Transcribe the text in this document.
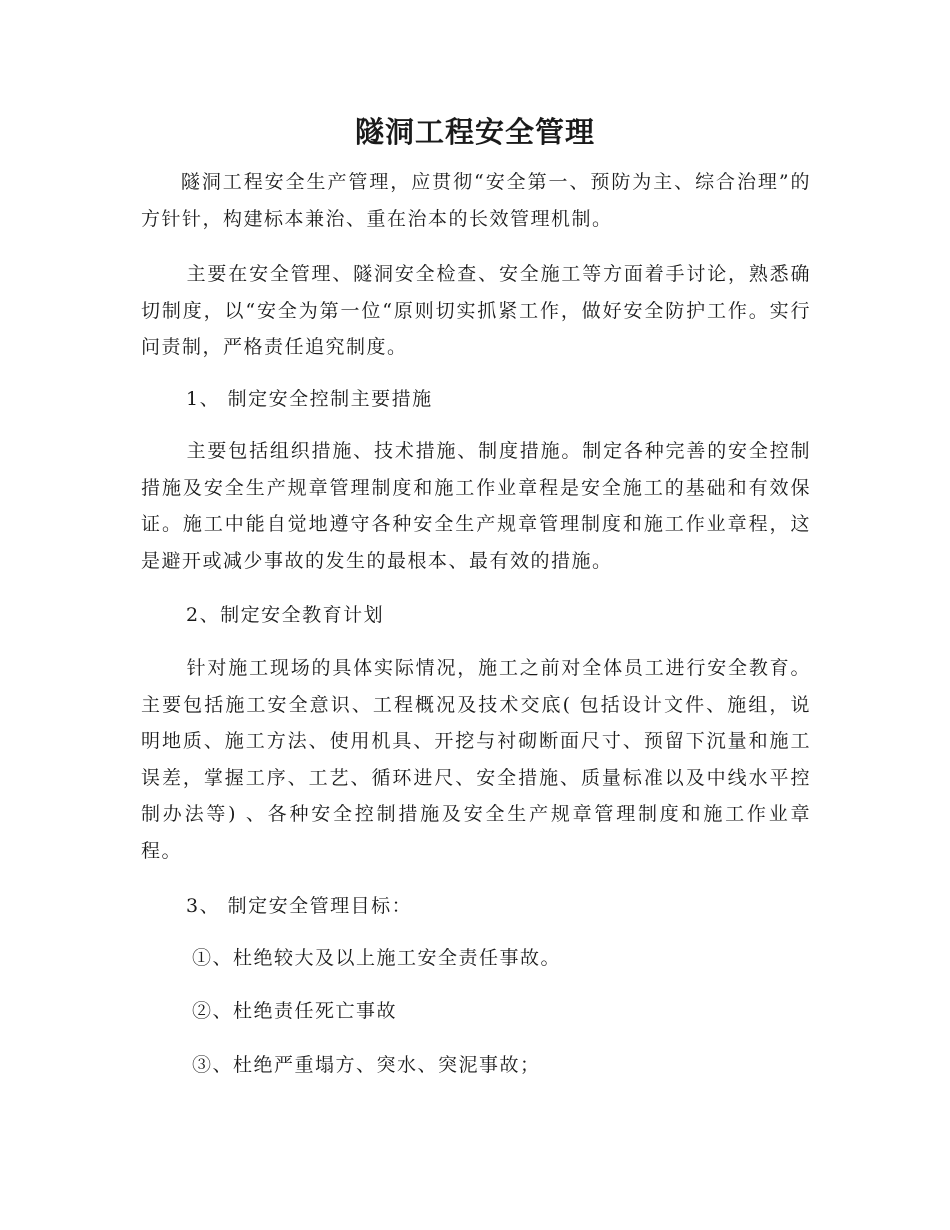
隧洞工程安全管理

隧洞工程安全生产管理，应贯彻“安全第一、预防为主、综合治理”的方针针，构建标本兼治、重在治本的长效管理机制。

主要在安全管理、隧洞安全检查、安全施工等方面着手讨论，熟悉确切制度，以“安全为第一位“原则切实抓紧工作，做好安全防护工作。实行问责制，严格责任追究制度。

1、 制定安全控制主要措施

主要包括组织措施、技术措施、制度措施。制定各种完善的安全控制措施及安全生产规章管理制度和施工作业章程是安全施工的基础和有效保证。施工中能自觉地遵守各种安全生产规章管理制度和施工作业章程，这是避开或减少事故的发生的最根本、最有效的措施。

2、制定安全教育计划

针对施工现场的具体实际情况，施工之前对全体员工进行安全教育。主要包括施工安全意识、工程概况及技术交底( 包括设计文件、施组，说明地质、施工方法、使用机具、开挖与衬砌断面尺寸、预留下沉量和施工误差，掌握工序、工艺、循环进尺、安全措施、质量标准以及中线水平控制办法等) 、各种安全控制措施及安全生产规章管理制度和施工作业章程。

3、 制定安全管理目标：

①、杜绝较大及以上施工安全责任事故。

②、杜绝责任死亡事故

③、杜绝严重塌方、突水、突泥事故；
